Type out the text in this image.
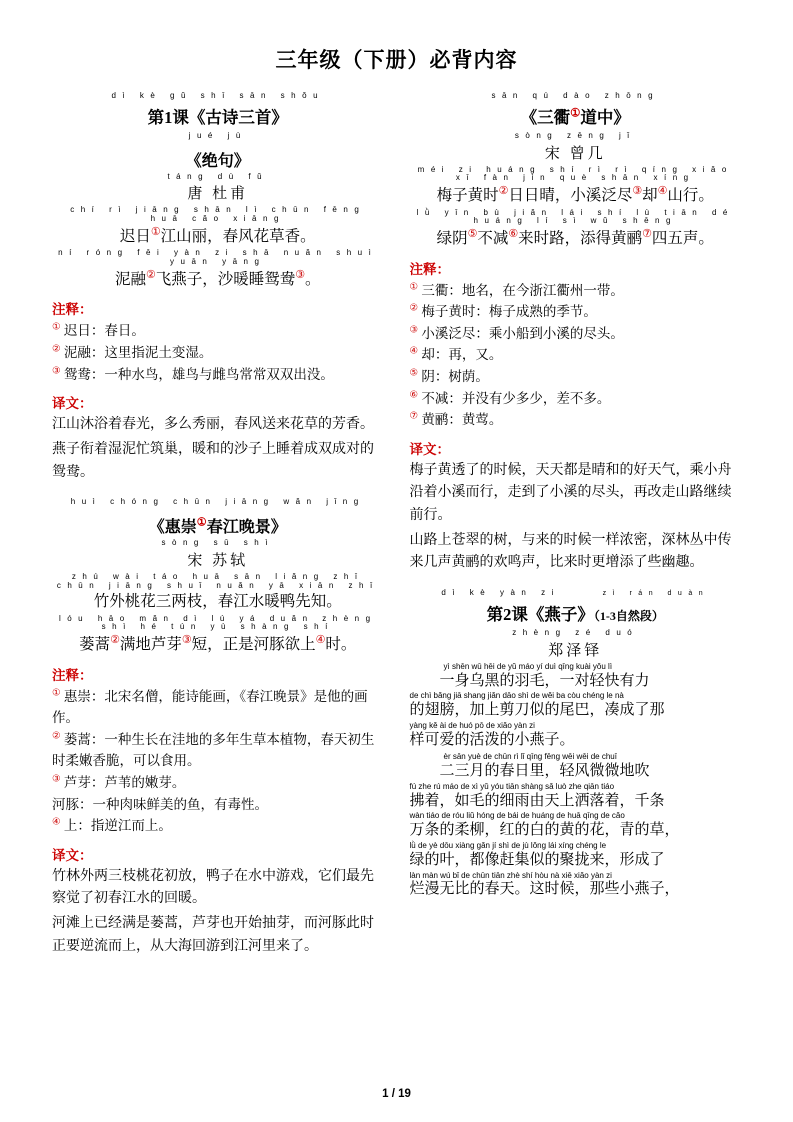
三年级（下册）必背内容
dì kè gǔ shī sān shǒu
第1课《古诗三首》
jué jù
《绝句》
táng dù fǔ
唐 杜甫
chí rì jiāng shān lì chūn fēng huā cǎo xiāng
迟日①江山丽，春风花草香。
ní róng fēi yàn zi shā nuǎn shuì yuān yāng
泥融②飞燕子，沙暖睡鸳鸯③。
注释：

① 迟日：春日。

② 泥融：这里指泥土变湿。

③ 鸳鸯：一种水鸟，雄鸟与雌鸟常常双双出没。

译文：

江山沐浴着春光，多么秀丽，春风送来花草的芳香。

燕子衔着湿泥忙筑巢，暖和的沙子上睡着成双成对的鸳鸯。

huì chóng chūn jiāng wǎn jǐng
《惠崇①春江晚景》
sòng sū shì
宋 苏轼
zhú wài táo huā sān liǎng zhī chūn jiāng shuǐ nuǎn yā xiān zhī
竹外桃花三两枝，春江水暖鸭先知。
lóu hāo mǎn dì lú yá duǎn zhèng shì hé tún yù shàng shí
蒌蒿②满地芦芽③短，正是河豚欲上④时。
注释：

① 惠崇：北宋名僧，能诗能画，《春江晚景》是他的画作。

② 蒌蒿：一种生长在洼地的多年生草本植物，春天初生时柔嫩香脆，可以食用。

③ 芦芽：芦苇的嫩芽。

河豚：一种肉味鲜美的鱼，有毒性。

④ 上：指逆江而上。

译文：

竹林外两三枝桃花初放，鸭子在水中游戏，它们最先察觉了初春江水的回暖。

河滩上已经满是蒌蒿，芦芽也开始抽芽，而河豚此时正要逆流而上，从大海回游到江河里来了。

sān qú dào zhōng
《三衢①道中》
sòng zēng jǐ
宋 曾几
méi zi huáng shí rì rì qíng xiǎo xī fàn jìn què shān xíng
梅子黄时②日日晴，小溪泛尽③却④山行。
lǜ yīn bù jiǎn lái shí lù tiān dé huáng lí sì wǔ shēng
绿阴⑤不减⑥来时路，添得黄鹂⑦四五声。
注释：

① 三衢：地名，在今浙江衢州一带。

② 梅子黄时：梅子成熟的季节。

③ 小溪泛尽：乘小船到小溪的尽头。

④ 却：再，又。

⑤ 阴：树荫。

⑥ 不减：并没有少多少，差不多。

⑦ 黄鹂：黄莺。

译文：

梅子黄透了的时候，天天都是晴和的好天气，乘小舟沿着小溪而行，走到了小溪的尽头，再改走山路继续前行。

山路上苍翠的树，与来的时候一样浓密，深林丛中传来几声黄鹂的欢鸣声，比来时更增添了些幽趣。

dì kè yàn zi	zì rán duàn
第2课《燕子》（1-3自然段）
zhèng zé duó
郑泽铎
yì shēn wū hēi de yǔ máo yí duì qīng kuài yǒu lì

一身乌黑的羽毛，一对轻快有力

de chì bǎng jiā shang jiǎn dāo shì de wěi ba còu chéng le nà

的翅膀，加上剪刀似的尾巴，凑成了那

yàng kě ài de huó pō de xiǎo yàn zi

样可爱的活泼的小燕子。

èr sān yuè de chūn rì lǐ qīng fēng wēi wēi de chuī

二三月的春日里，轻风微微地吹

fú zhe rú máo de xì yǔ yóu tiān shàng sǎ luò zhe qiān tiáo

拂着，如毛的细雨由天上洒落着，千条

wàn tiáo de róu liǔ hóng de bái de huáng de huā qīng de cǎo

万条的柔柳，红的白的黄的花，青的草，

lǜ de yè dōu xiàng gǎn jí shì de jù lǒng lái xíng chéng le

绿的叶，都像赶集似的聚拢来，形成了

làn màn wú bǐ de chūn tiān zhè shí hòu nà xiē xiǎo yàn zi

烂漫无比的春天。这时候，那些小燕子，

1 / 19
